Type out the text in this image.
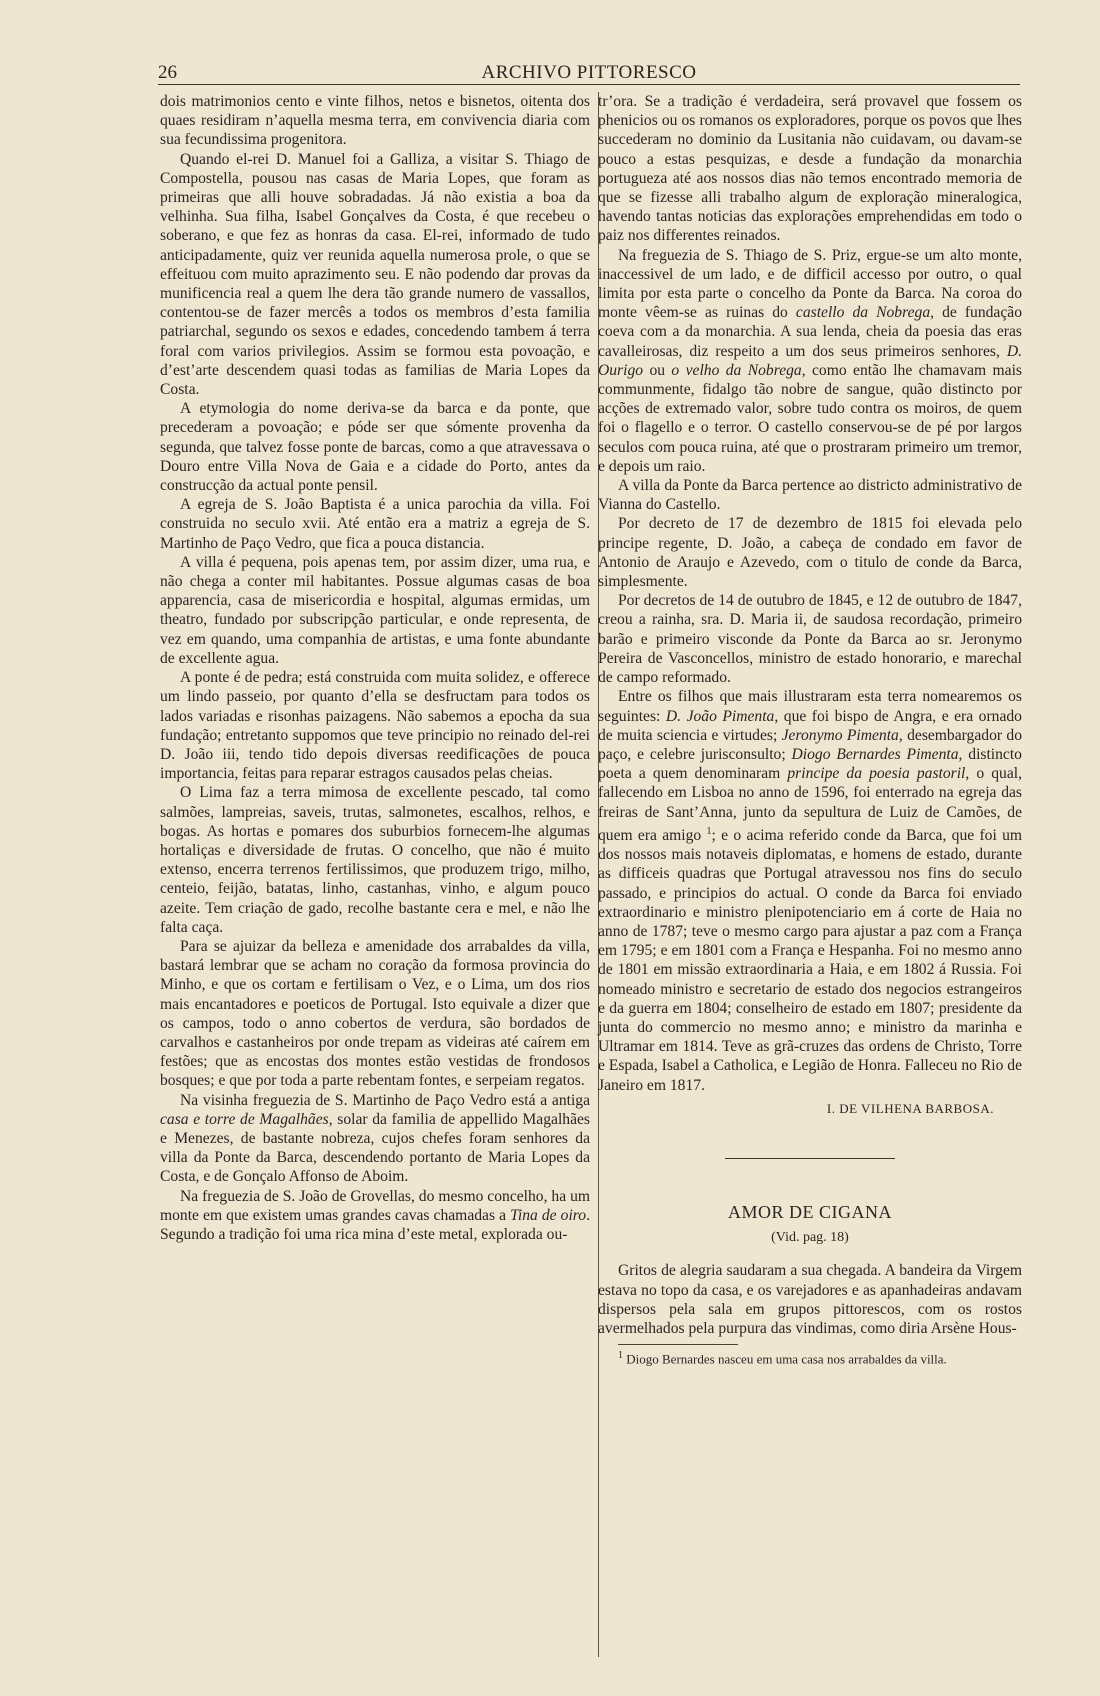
26	ARCHIVO PITTORESCO

dois matrimonios cento e vinte filhos, netos e bisnetos, oitenta dos quaes residiram n’aquella mesma terra, em convivencia diaria com sua fecundissima progenitora.

Quando el-rei D. Manuel foi a Galliza, a visitar S. Thiago de Compostella, pousou nas casas de Maria Lopes, que foram as primeiras que alli houve sobradadas. Já não existia a boa da velhinha. Sua filha, Isabel Gonçalves da Costa, é que recebeu o soberano, e que fez as honras da casa. El-rei, informado de tudo anticipadamente, quiz ver reunida aquella numerosa prole, o que se effeituou com muito aprazimento seu. E não podendo dar provas da munificencia real a quem lhe dera tão grande numero de vassallos, contentou-se de fazer mercês a todos os membros d’esta familia patriarchal, segundo os sexos e edades, concedendo tambem á terra foral com varios privilegios. Assim se formou esta povoação, e d’est’arte descendem quasi todas as familias de Maria Lopes da Costa.

A etymologia do nome deriva-se da barca e da ponte, que precederam a povoação; e póde ser que sómente provenha da segunda, que talvez fosse ponte de barcas, como a que atravessava o Douro entre Villa Nova de Gaia e a cidade do Porto, antes da construcção da actual ponte pensil.

A egreja de S. João Baptista é a unica parochia da villa. Foi construida no seculo xvii. Até então era a matriz a egreja de S. Martinho de Paço Vedro, que fica a pouca distancia.

A villa é pequena, pois apenas tem, por assim dizer, uma rua, e não chega a conter mil habitantes. Possue algumas casas de boa apparencia, casa de misericordia e hospital, algumas ermidas, um theatro, fundado por subscripção particular, e onde representa, de vez em quando, uma companhia de artistas, e uma fonte abundante de excellente agua.

A ponte é de pedra; está construida com muita solidez, e offerece um lindo passeio, por quanto d’ella se desfructam para todos os lados variadas e risonhas paizagens. Não sabemos a epocha da sua fundação; entretanto suppomos que teve principio no reinado del-rei D. João iii, tendo tido depois diversas reedificações de pouca importancia, feitas para reparar estragos causados pelas cheias.

O Lima faz a terra mimosa de excellente pescado, tal como salmões, lampreias, saveis, trutas, salmonetes, escalhos, relhos, e bogas. As hortas e pomares dos suburbios fornecem-lhe algumas hortaliças e diversidade de frutas. O concelho, que não é muito extenso, encerra terrenos fertilissimos, que produzem trigo, milho, centeio, feijão, batatas, linho, castanhas, vinho, e algum pouco azeite. Tem criação de gado, recolhe bastante cera e mel, e não lhe falta caça.

Para se ajuizar da belleza e amenidade dos arrabaldes da villa, bastará lembrar que se acham no coração da formosa provincia do Minho, e que os cortam e fertilisam o Vez, e o Lima, um dos rios mais encantadores e poeticos de Portugal. Isto equivale a dizer que os campos, todo o anno cobertos de verdura, são bordados de carvalhos e castanheiros por onde trepam as videiras até caírem em festões; que as encostas dos montes estão vestidas de frondosos bosques; e que por toda a parte rebentam fontes, e serpeiam regatos.

Na visinha freguezia de S. Martinho de Paço Vedro está a antiga casa e torre de Magalhães, solar da familia de appellido Magalhães e Menezes, de bastante nobreza, cujos chefes foram senhores da villa da Ponte da Barca, descendendo portanto de Maria Lopes da Costa, e de Gonçalo Affonso de Aboim.

Na freguezia de S. João de Grovellas, do mesmo concelho, ha um monte em que existem umas grandes cavas chamadas a Tina de oiro. Segundo a tradição foi uma rica mina d’este metal, explorada ou-

tr’ora. Se a tradição é verdadeira, será provavel que fossem os phenicios ou os romanos os exploradores, porque os povos que lhes succederam no dominio da Lusitania não cuidavam, ou davam-se pouco a estas pesquizas, e desde a fundação da monarchia portugueza até aos nossos dias não temos encontrado memoria de que se fizesse alli trabalho algum de exploração mineralogica, havendo tantas noticias das explorações emprehendidas em todo o paiz nos differentes reinados.

Na freguezia de S. Thiago de S. Priz, ergue-se um alto monte, inaccessivel de um lado, e de difficil accesso por outro, o qual limita por esta parte o concelho da Ponte da Barca. Na coroa do monte vêem-se as ruinas do castello da Nobrega, de fundação coeva com a da monarchia. A sua lenda, cheia da poesia das eras cavalleirosas, diz respeito a um dos seus primeiros senhores, D. Ourigo ou o velho da Nobrega, como então lhe chamavam mais communmente, fidalgo tão nobre de sangue, quão distincto por acções de extremado valor, sobre tudo contra os moiros, de quem foi o flagello e o terror. O castello conservou-se de pé por largos seculos com pouca ruina, até que o prostraram primeiro um tremor, e depois um raio.

A villa da Ponte da Barca pertence ao districto administrativo de Vianna do Castello.

Por decreto de 17 de dezembro de 1815 foi elevada pelo principe regente, D. João, a cabeça de condado em favor de Antonio de Araujo e Azevedo, com o titulo de conde da Barca, simplesmente.

Por decretos de 14 de outubro de 1845, e 12 de outubro de 1847, creou a rainha, sra. D. Maria ii, de saudosa recordação, primeiro barão e primeiro visconde da Ponte da Barca ao sr. Jeronymo Pereira de Vasconcellos, ministro de estado honorario, e marechal de campo reformado.

Entre os filhos que mais illustraram esta terra nomearemos os seguintes: D. João Pimenta, que foi bispo de Angra, e era ornado de muita sciencia e virtudes; Jeronymo Pimenta, desembargador do paço, e celebre jurisconsulto; Diogo Bernardes Pimenta, distincto poeta a quem denominaram principe da poesia pastoril, o qual, fallecendo em Lisboa no anno de 1596, foi enterrado na egreja das freiras de Sant’Anna, junto da sepultura de Luiz de Camões, de quem era amigo $^1$; e o acima referido conde da Barca, que foi um dos nossos mais notaveis diplomatas, e homens de estado, durante as difficeis quadras que Portugal atravessou nos fins do seculo passado, e principios do actual. O conde da Barca foi enviado extraordinario e ministro plenipotenciario em á corte de Haia no anno de 1787; teve o mesmo cargo para ajustar a paz com a França em 1795; e em 1801 com a França e Hespanha. Foi no mesmo anno de 1801 em missão extraordinaria a Haia, e em 1802 á Russia. Foi nomeado ministro e secretario de estado dos negocios estrangeiros e da guerra em 1804; conselheiro de estado em 1807; presidente da junta do commercio no mesmo anno; e ministro da marinha e Ultramar em 1814. Teve as grã-cruzes das ordens de Christo, Torre e Espada, Isabel a Catholica, e Legião de Honra. Falleceu no Rio de Janeiro em 1817.

I. DE VILHENA BARBOSA.
AMOR DE CIGANA
(Vid. pag. 18)

Gritos de alegria saudaram a sua chegada. A bandeira da Virgem estava no topo da casa, e os varejadores e as apanhadeiras andavam dispersos pela sala em grupos pittorescos, com os rostos avermelhados pela purpura das vindimas, como diria Arsène Hous-

$^1$ Diogo Bernardes nasceu em uma casa nos arrabaldes da villa.
